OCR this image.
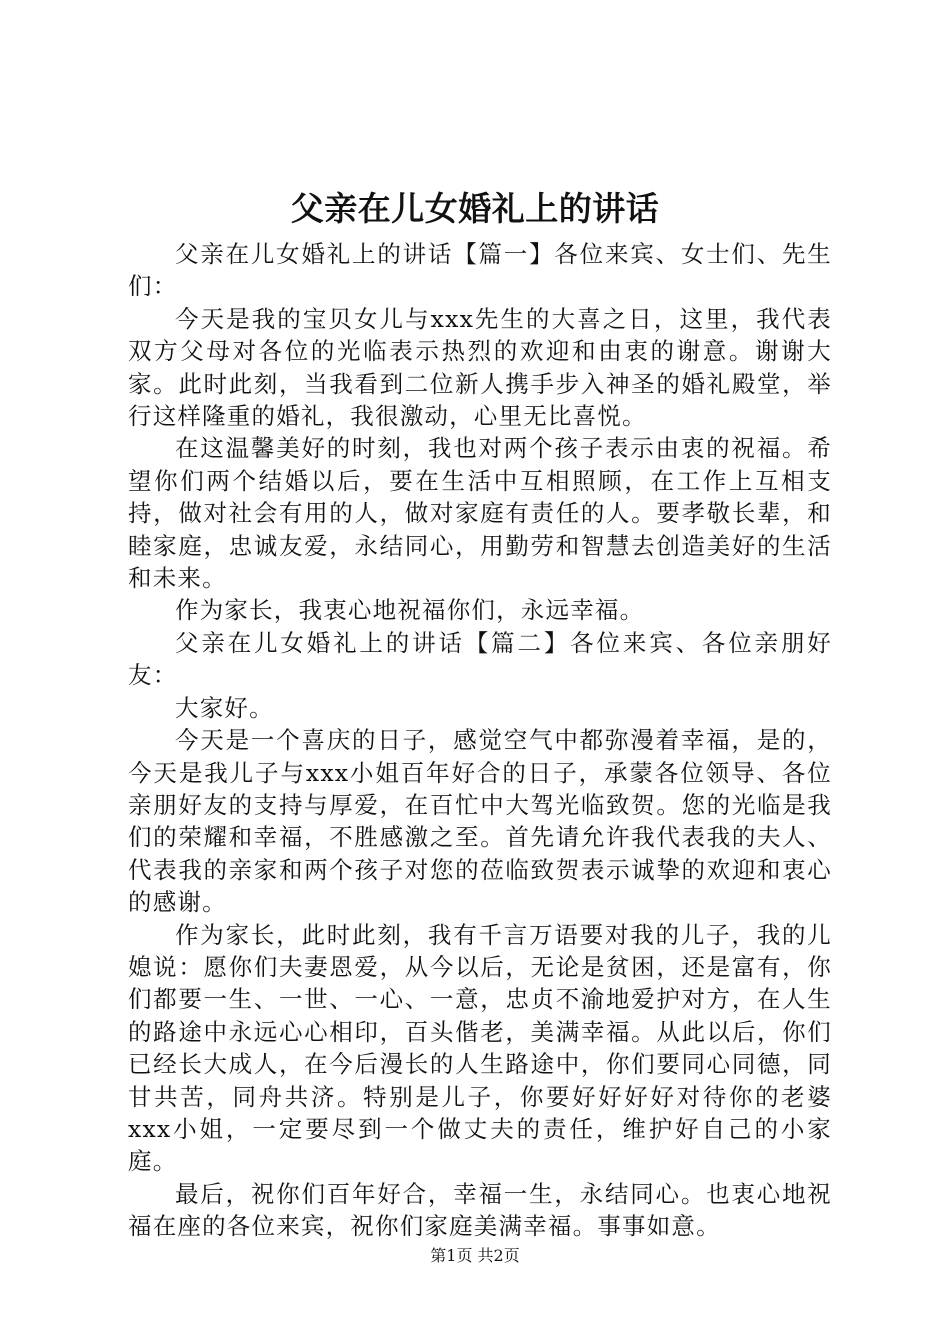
父亲在儿女婚礼上的讲话

父亲在儿女婚礼上的讲话【篇一】各位来宾、女士们、先生们：

今天是我的宝贝女儿与xxx先生的大喜之日，这里，我代表双方父母对各位的光临表示热烈的欢迎和由衷的谢意。谢谢大家。此时此刻，当我看到二位新人携手步入神圣的婚礼殿堂，举行这样隆重的婚礼，我很激动，心里无比喜悦。

在这温馨美好的时刻，我也对两个孩子表示由衷的祝福。希望你们两个结婚以后，要在生活中互相照顾，在工作上互相支持，做对社会有用的人，做对家庭有责任的人。要孝敬长辈，和睦家庭，忠诚友爱，永结同心，用勤劳和智慧去创造美好的生活和未来。

作为家长，我衷心地祝福你们，永远幸福。

父亲在儿女婚礼上的讲话【篇二】各位来宾、各位亲朋好友：

大家好。

今天是一个喜庆的日子，感觉空气中都弥漫着幸福，是的，今天是我儿子与xxx小姐百年好合的日子，承蒙各位领导、各位亲朋好友的支持与厚爱，在百忙中大驾光临致贺。您的光临是我们的荣耀和幸福，不胜感激之至。首先请允许我代表我的夫人、代表我的亲家和两个孩子对您的莅临致贺表示诚挚的欢迎和衷心的感谢。

作为家长，此时此刻，我有千言万语要对我的儿子，我的儿媳说：愿你们夫妻恩爱，从今以后，无论是贫困，还是富有，你们都要一生、一世、一心、一意，忠贞不渝地爱护对方，在人生的路途中永远心心相印，百头偕老，美满幸福。从此以后，你们已经长大成人，在今后漫长的人生路途中，你们要同心同德，同甘共苦，同舟共济。特别是儿子，你要好好好好对待你的老婆xxx小姐，一定要尽到一个做丈夫的责任，维护好自己的小家庭。

最后，祝你们百年好合，幸福一生，永结同心。也衷心地祝福在座的各位来宾，祝你们家庭美满幸福。事事如意。

第1页 共2页
